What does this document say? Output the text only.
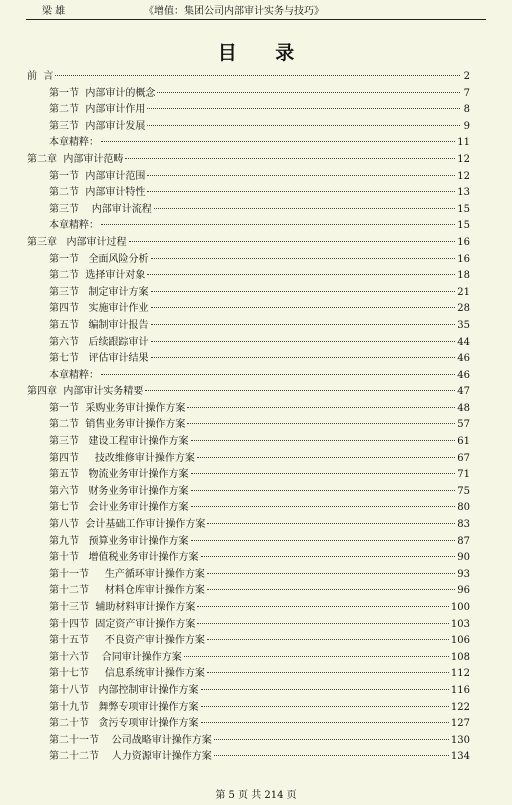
梁 雄	《增值：集团公司内部审计实务与技巧》
目 录
前  言	2
第一节  内部审计的概念	7
第二节  内部审计作用	8
第三节  内部审计发展	9
本章精粹：	11
第二章  内部审计范畴	12
第一节  内部审计范围	12
第二节  内部审计特性	13
第三节    内部审计流程	15
本章精粹：	15
第三章   内部审计过程	16
第一节   全面风险分析	16
第二节  选择审计对象	18
第三节   制定审计方案	21
第四节   实施审计作业	28
第五节   编制审计报告	35
第六节   后续跟踪审计	44
第七节   评估审计结果	46
本章精粹：	46
第四章  内部审计实务精要	47
第一节  采购业务审计操作方案	48
第二节  销售业务审计操作方案	57
第三节   建设工程审计操作方案	61
第四节     技改维修审计操作方案	67
第五节   物流业务审计操作方案	71
第六节   财务业务审计操作方案	75
第七节   会计业务审计操作方案	80
第八节  会计基础工作审计操作方案	83
第九节   预算业务审计操作方案	87
第十节   增值税业务审计操作方案	90
第十一节     生产循环审计操作方案	93
第十二节     材料仓库审计操作方案	96
第十三节  辅助材料审计操作方案	100
第十四节  固定资产审计操作方案	103
第十五节     不良资产审计操作方案	106
第十六节    合同审计操作方案	108
第十七节     信息系统审计操作方案	112
第十八节   内部控制审计操作方案	116
第十九节   舞弊专项审计操作方案	122
第二十节   贪污专项审计操作方案	127
第二十一节    公司战略审计操作方案	130
第二十二节    人力资源审计操作方案	134
第 5 页 共 214 页
